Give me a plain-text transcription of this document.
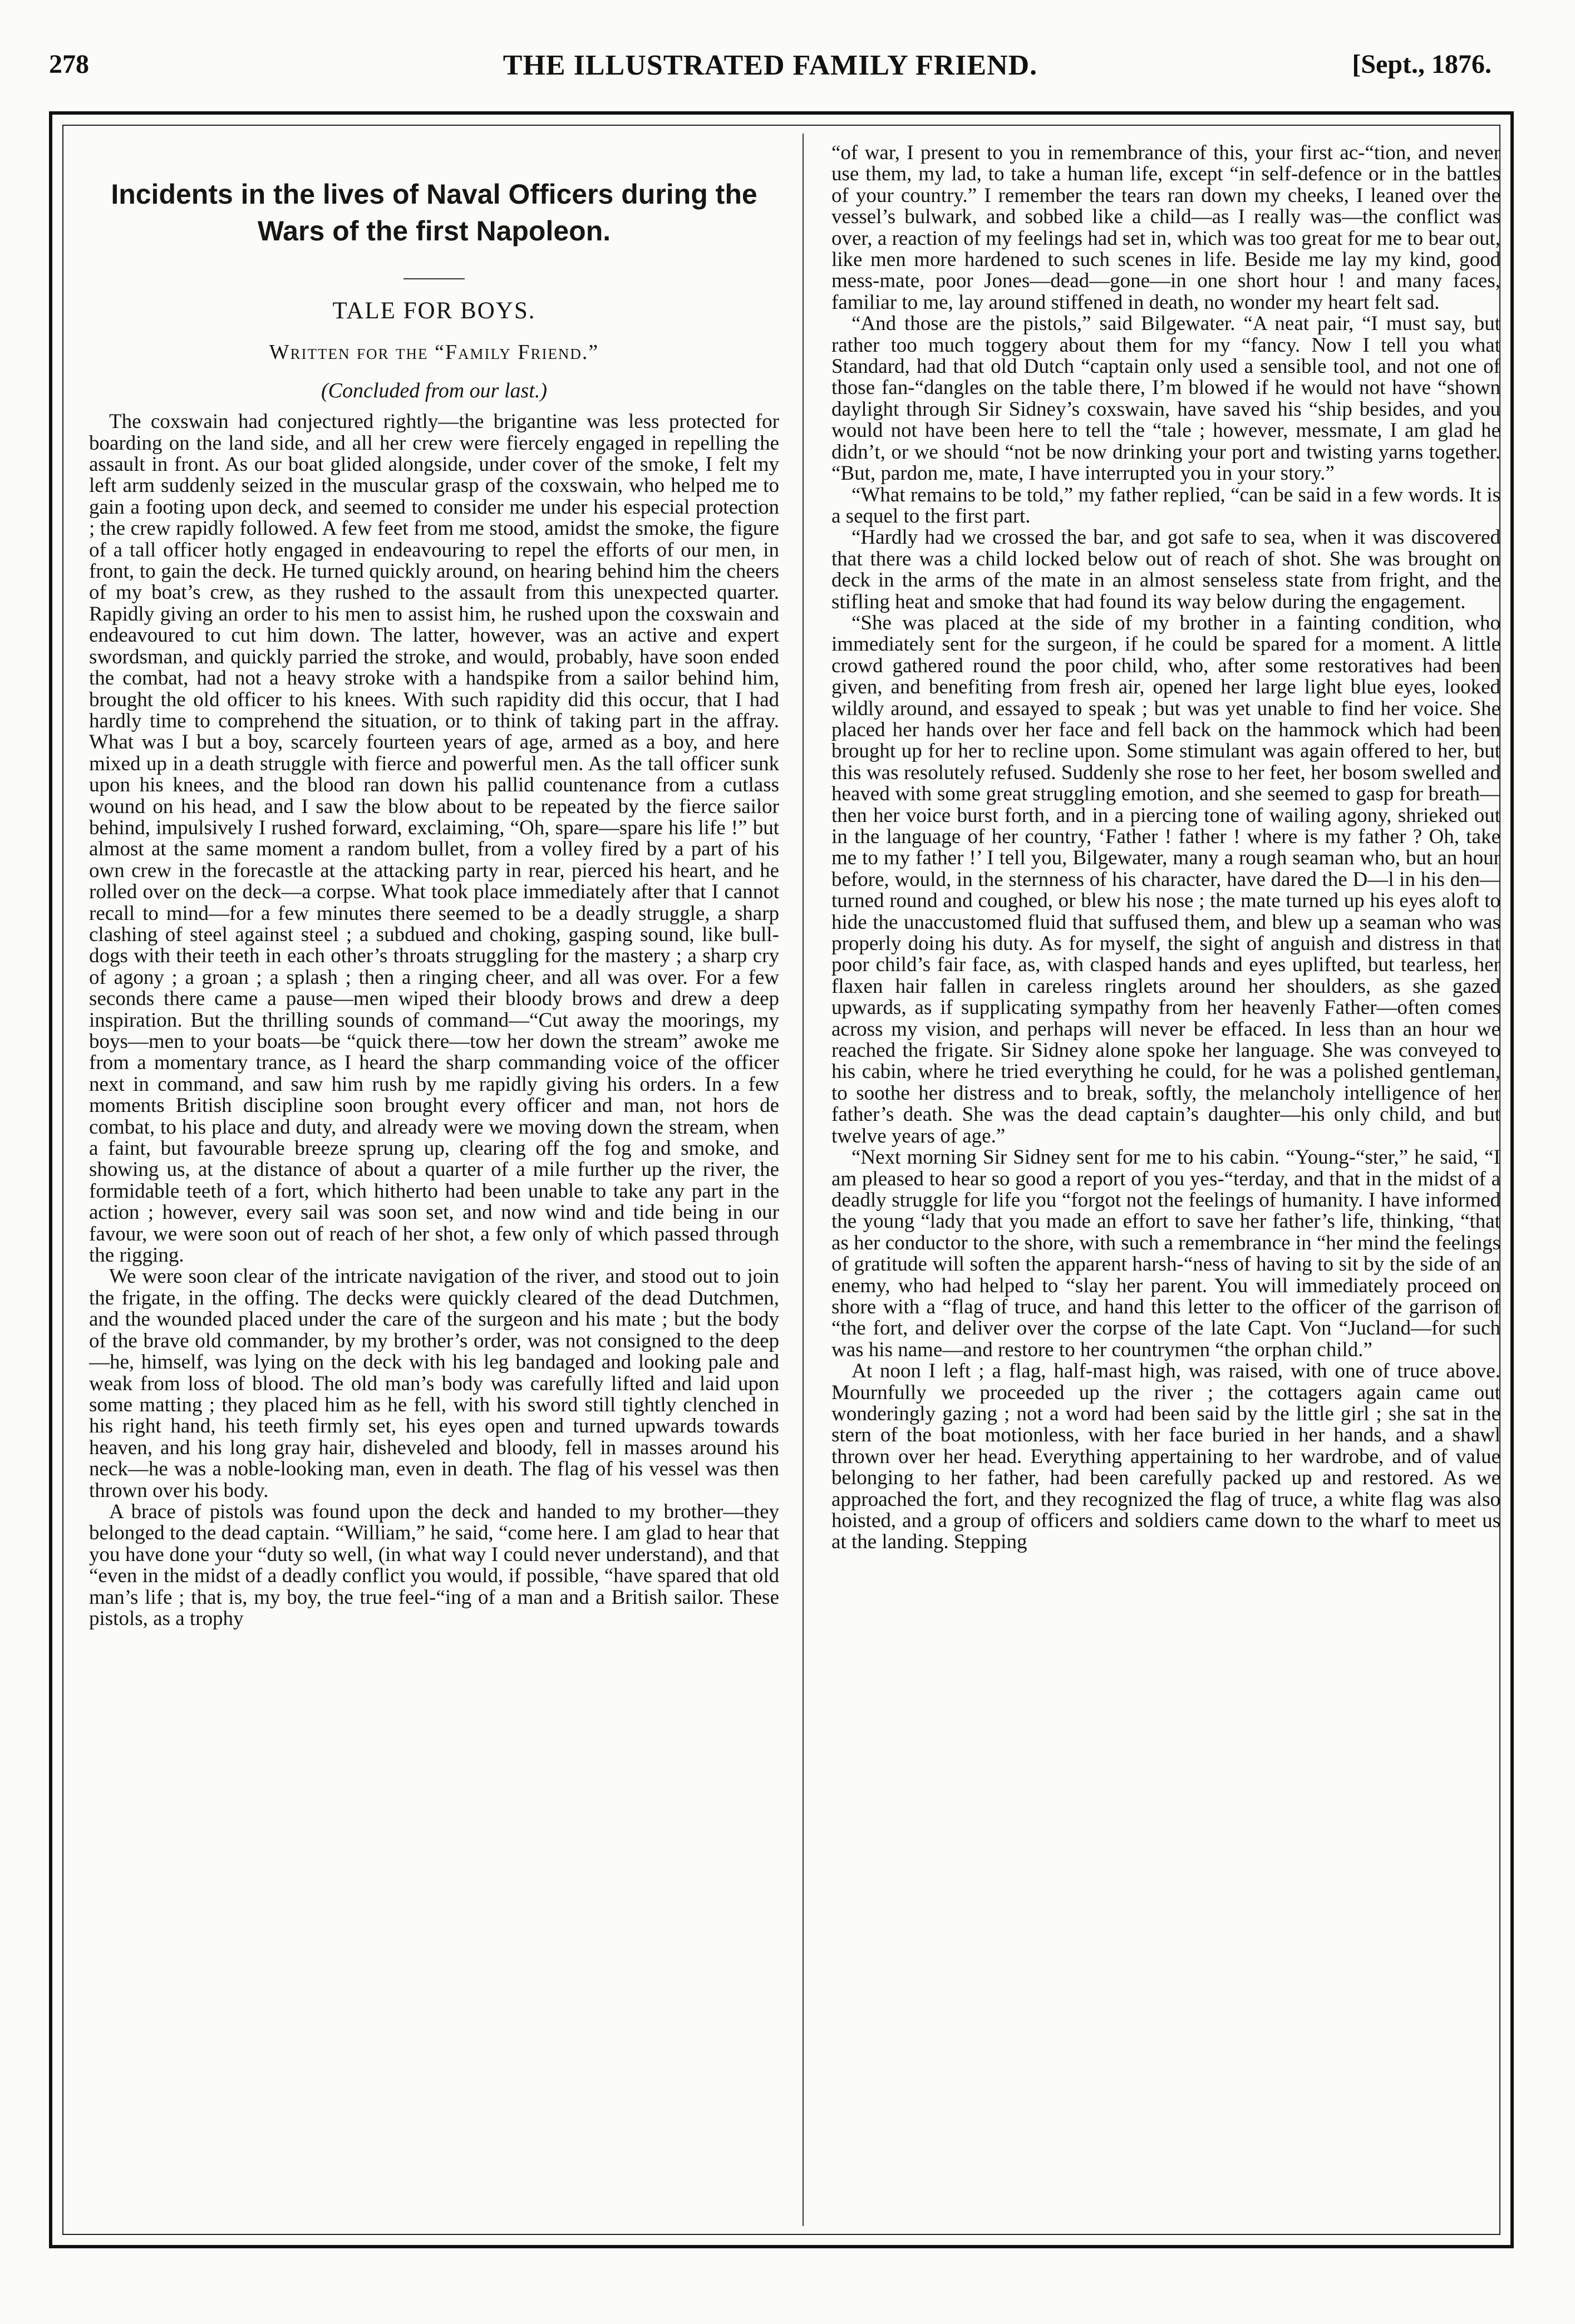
278	THE ILLUSTRATED FAMILY FRIEND.	[Sept., 1876.
Incidents in the lives of Naval Officers during the Wars of the first Napoleon.

TALE FOR BOYS.

Written for the “Family Friend.”

(Concluded from our last.)

The coxswain had conjectured rightly—the brigantine was less protected for boarding on the land side, and all her crew were fiercely engaged in repelling the assault in front. As our boat glided alongside, under cover of the smoke, I felt my left arm suddenly seized in the muscular grasp of the coxswain, who helped me to gain a footing upon deck, and seemed to consider me under his especial protection ; the crew rapidly followed. A few feet from me stood, amidst the smoke, the figure of a tall officer hotly engaged in endeavouring to repel the efforts of our men, in front, to gain the deck. He turned quickly around, on hearing behind him the cheers of my boat’s crew, as they rushed to the assault from this unexpected quarter. Rapidly giving an order to his men to assist him, he rushed upon the coxswain and endeavoured to cut him down. The latter, however, was an active and expert swordsman, and quickly parried the stroke, and would, probably, have soon ended the combat, had not a heavy stroke with a handspike from a sailor behind him, brought the old officer to his knees. With such rapidity did this occur, that I had hardly time to comprehend the situation, or to think of taking part in the affray. What was I but a boy, scarcely fourteen years of age, armed as a boy, and here mixed up in a death struggle with fierce and powerful men. As the tall officer sunk upon his knees, and the blood ran down his pallid countenance from a cutlass wound on his head, and I saw the blow about to be repeated by the fierce sailor behind, impulsively I rushed forward, exclaiming, “Oh, spare—spare his life !” but almost at the same moment a random bullet, from a volley fired by a part of his own crew in the forecastle at the attacking party in rear, pierced his heart, and he rolled over on the deck—a corpse. What took place immediately after that I cannot recall to mind—for a few minutes there seemed to be a deadly struggle, a sharp clashing of steel against steel ; a subdued and choking, gasping sound, like bull-dogs with their teeth in each other’s throats struggling for the mastery ; a sharp cry of agony ; a groan ; a splash ; then a ringing cheer, and all was over. For a few seconds there came a pause—men wiped their bloody brows and drew a deep inspiration. But the thrilling sounds of command—“Cut away the moorings, my boys—men to your boats—be “quick there—tow her down the stream” awoke me from a momentary trance, as I heard the sharp commanding voice of the officer next in command, and saw him rush by me rapidly giving his orders. In a few moments British discipline soon brought every officer and man, not hors de combat, to his place and duty, and already were we moving down the stream, when a faint, but favourable breeze sprung up, clearing off the fog and smoke, and showing us, at the distance of about a quarter of a mile further up the river, the formidable teeth of a fort, which hitherto had been unable to take any part in the action ; however, every sail was soon set, and now wind and tide being in our favour, we were soon out of reach of her shot, a few only of which passed through the rigging.

We were soon clear of the intricate navigation of the river, and stood out to join the frigate, in the offing. The decks were quickly cleared of the dead Dutchmen, and the wounded placed under the care of the surgeon and his mate ; but the body of the brave old commander, by my brother’s order, was not consigned to the deep—he, himself, was lying on the deck with his leg bandaged and looking pale and weak from loss of blood. The old man’s body was carefully lifted and laid upon some matting ; they placed him as he fell, with his sword still tightly clenched in his right hand, his teeth firmly set, his eyes open and turned upwards towards heaven, and his long gray hair, disheveled and bloody, fell in masses around his neck—he was a noble-looking man, even in death. The flag of his vessel was then thrown over his body.

A brace of pistols was found upon the deck and handed to my brother—they belonged to the dead captain. “William,” he said, “come here. I am glad to hear that you have done your “duty so well, (in what way I could never understand), and that “even in the midst of a deadly conflict you would, if possible, “have spared that old man’s life ; that is, my boy, the true feel-“ing of a man and a British sailor. These pistols, as a trophy

“of war, I present to you in remembrance of this, your first ac-“tion, and never use them, my lad, to take a human life, except “in self-defence or in the battles of your country.” I remember the tears ran down my cheeks, I leaned over the vessel’s bulwark, and sobbed like a child—as I really was—the conflict was over, a reaction of my feelings had set in, which was too great for me to bear out, like men more hardened to such scenes in life. Beside me lay my kind, good mess-mate, poor Jones—dead—gone—in one short hour ! and many faces, familiar to me, lay around stiffened in death, no wonder my heart felt sad.

“And those are the pistols,” said Bilgewater. “A neat pair, “I must say, but rather too much toggery about them for my “fancy. Now I tell you what Standard, had that old Dutch “captain only used a sensible tool, and not one of those fan-“dangles on the table there, I’m blowed if he would not have “shown daylight through Sir Sidney’s coxswain, have saved his “ship besides, and you would not have been here to tell the “tale ; however, messmate, I am glad he didn’t, or we should “not be now drinking your port and twisting yarns together. “But, pardon me, mate, I have interrupted you in your story.”

“What remains to be told,” my father replied, “can be said in a few words. It is a sequel to the first part.

“Hardly had we crossed the bar, and got safe to sea, when it was discovered that there was a child locked below out of reach of shot. She was brought on deck in the arms of the mate in an almost senseless state from fright, and the stifling heat and smoke that had found its way below during the engagement.

“She was placed at the side of my brother in a fainting condition, who immediately sent for the surgeon, if he could be spared for a moment. A little crowd gathered round the poor child, who, after some restoratives had been given, and benefiting from fresh air, opened her large light blue eyes, looked wildly around, and essayed to speak ; but was yet unable to find her voice. She placed her hands over her face and fell back on the hammock which had been brought up for her to recline upon. Some stimulant was again offered to her, but this was resolutely refused. Suddenly she rose to her feet, her bosom swelled and heaved with some great struggling emotion, and she seemed to gasp for breath—then her voice burst forth, and in a piercing tone of wailing agony, shrieked out in the language of her country, ‘Father ! father ! where is my father ? Oh, take me to my father !’ I tell you, Bilgewater, many a rough seaman who, but an hour before, would, in the sternness of his character, have dared the D—l in his den—turned round and coughed, or blew his nose ; the mate turned up his eyes aloft to hide the unaccustomed fluid that suffused them, and blew up a seaman who was properly doing his duty. As for myself, the sight of anguish and distress in that poor child’s fair face, as, with clasped hands and eyes uplifted, but tearless, her flaxen hair fallen in careless ringlets around her shoulders, as she gazed upwards, as if supplicating sympathy from her heavenly Father—often comes across my vision, and perhaps will never be effaced. In less than an hour we reached the frigate. Sir Sidney alone spoke her language. She was conveyed to his cabin, where he tried everything he could, for he was a polished gentleman, to soothe her distress and to break, softly, the melancholy intelligence of her father’s death. She was the dead captain’s daughter—his only child, and but twelve years of age.”

“Next morning Sir Sidney sent for me to his cabin. “Young-“ster,” he said, “I am pleased to hear so good a report of you yes-“terday, and that in the midst of a deadly struggle for life you “forgot not the feelings of humanity. I have informed the young “lady that you made an effort to save her father’s life, thinking, “that as her conductor to the shore, with such a remembrance in “her mind the feelings of gratitude will soften the apparent harsh-“ness of having to sit by the side of an enemy, who had helped to “slay her parent. You will immediately proceed on shore with a “flag of truce, and hand this letter to the officer of the garrison of “the fort, and deliver over the corpse of the late Capt. Von “Jucland—for such was his name—and restore to her countrymen “the orphan child.”

At noon I left ; a flag, half-mast high, was raised, with one of truce above. Mournfully we proceeded up the river ; the cottagers again came out wonderingly gazing ; not a word had been said by the little girl ; she sat in the stern of the boat motionless, with her face buried in her hands, and a shawl thrown over her head. Everything appertaining to her wardrobe, and of value belonging to her father, had been carefully packed up and restored. As we approached the fort, and they recognized the flag of truce, a white flag was also hoisted, and a group of officers and soldiers came down to the wharf to meet us at the landing. Stepping
